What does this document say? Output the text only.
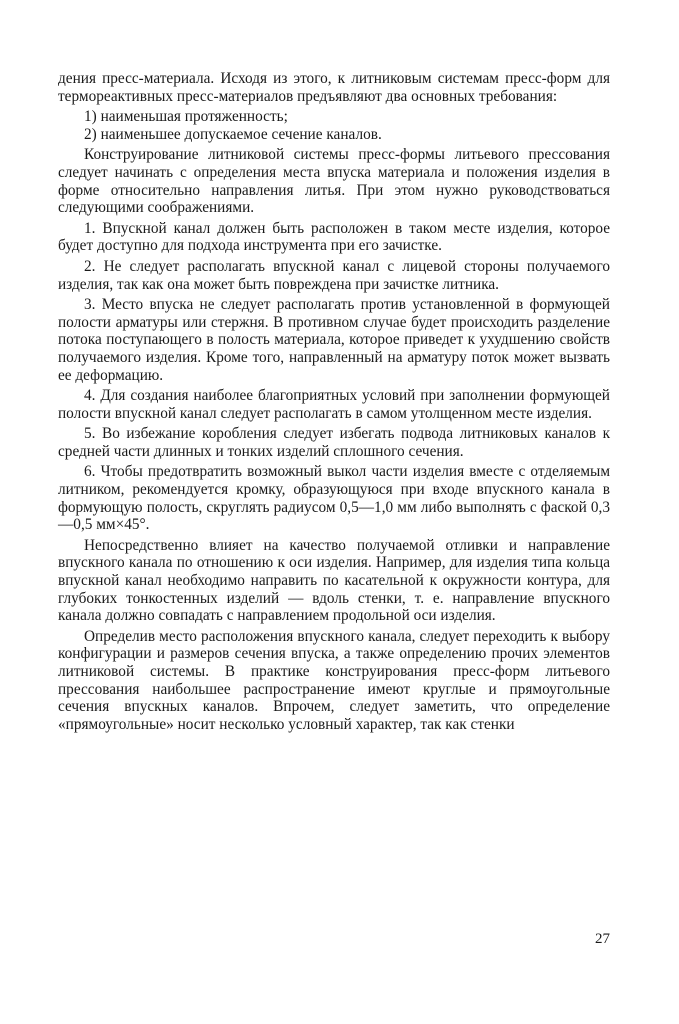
дения пресс-материала. Исходя из этого, к литниковым системам пресс-форм для термореактивных пресс-материалов предъявляют два основных требования:

1) наименьшая протяженность;

2) наименьшее допускаемое сечение каналов.

Конструирование литниковой системы пресс-формы литьевого прессования следует начинать с определения места впуска материала и положения изделия в форме относительно направления литья. При этом нужно руководствоваться следующими соображениями.

1. Впускной канал должен быть расположен в таком месте изделия, которое будет доступно для подхода инструмента при его зачистке.

2. Не следует располагать впускной канал с лицевой стороны получаемого изделия, так как она может быть повреждена при зачистке литника.

3. Место впуска не следует располагать против установленной в формующей полости арматуры или стержня. В противном случае будет происходить разделение потока поступающего в полость материала, которое приведет к ухудшению свойств получаемого изделия. Кроме того, направленный на арматуру поток может вызвать ее деформацию.

4. Для создания наиболее благоприятных условий при заполнении формующей полости впускной канал следует располагать в самом утолщенном месте изделия.

5. Во избежание коробления следует избегать подвода литниковых каналов к средней части длинных и тонких изделий сплошного сечения.

6. Чтобы предотвратить возможный выкол части изделия вместе с отделяемым литником, рекомендуется кромку, образующуюся при входе впускного канала в формующую полость, скруглять радиусом 0,5—1,0 мм либо выполнять с фаской 0,3—0,5 мм×45°.

Непосредственно влияет на качество получаемой отливки и направление впускного канала по отношению к оси изделия. Например, для изделия типа кольца впускной канал необходимо направить по касательной к окружности контура, для глубоких тонкостенных изделий — вдоль стенки, т. е. направление впускного канала должно совпадать с направлением продольной оси изделия.

Определив место расположения впускного канала, следует переходить к выбору конфигурации и размеров сечения впуска, а также определению прочих элементов литниковой системы. В практике конструирования пресс-форм литьевого прессования наибольшее распространение имеют круглые и прямоугольные сечения впускных каналов. Впрочем, следует заметить, что определение «прямоугольные» носит несколько условный характер, так как стенки

27
